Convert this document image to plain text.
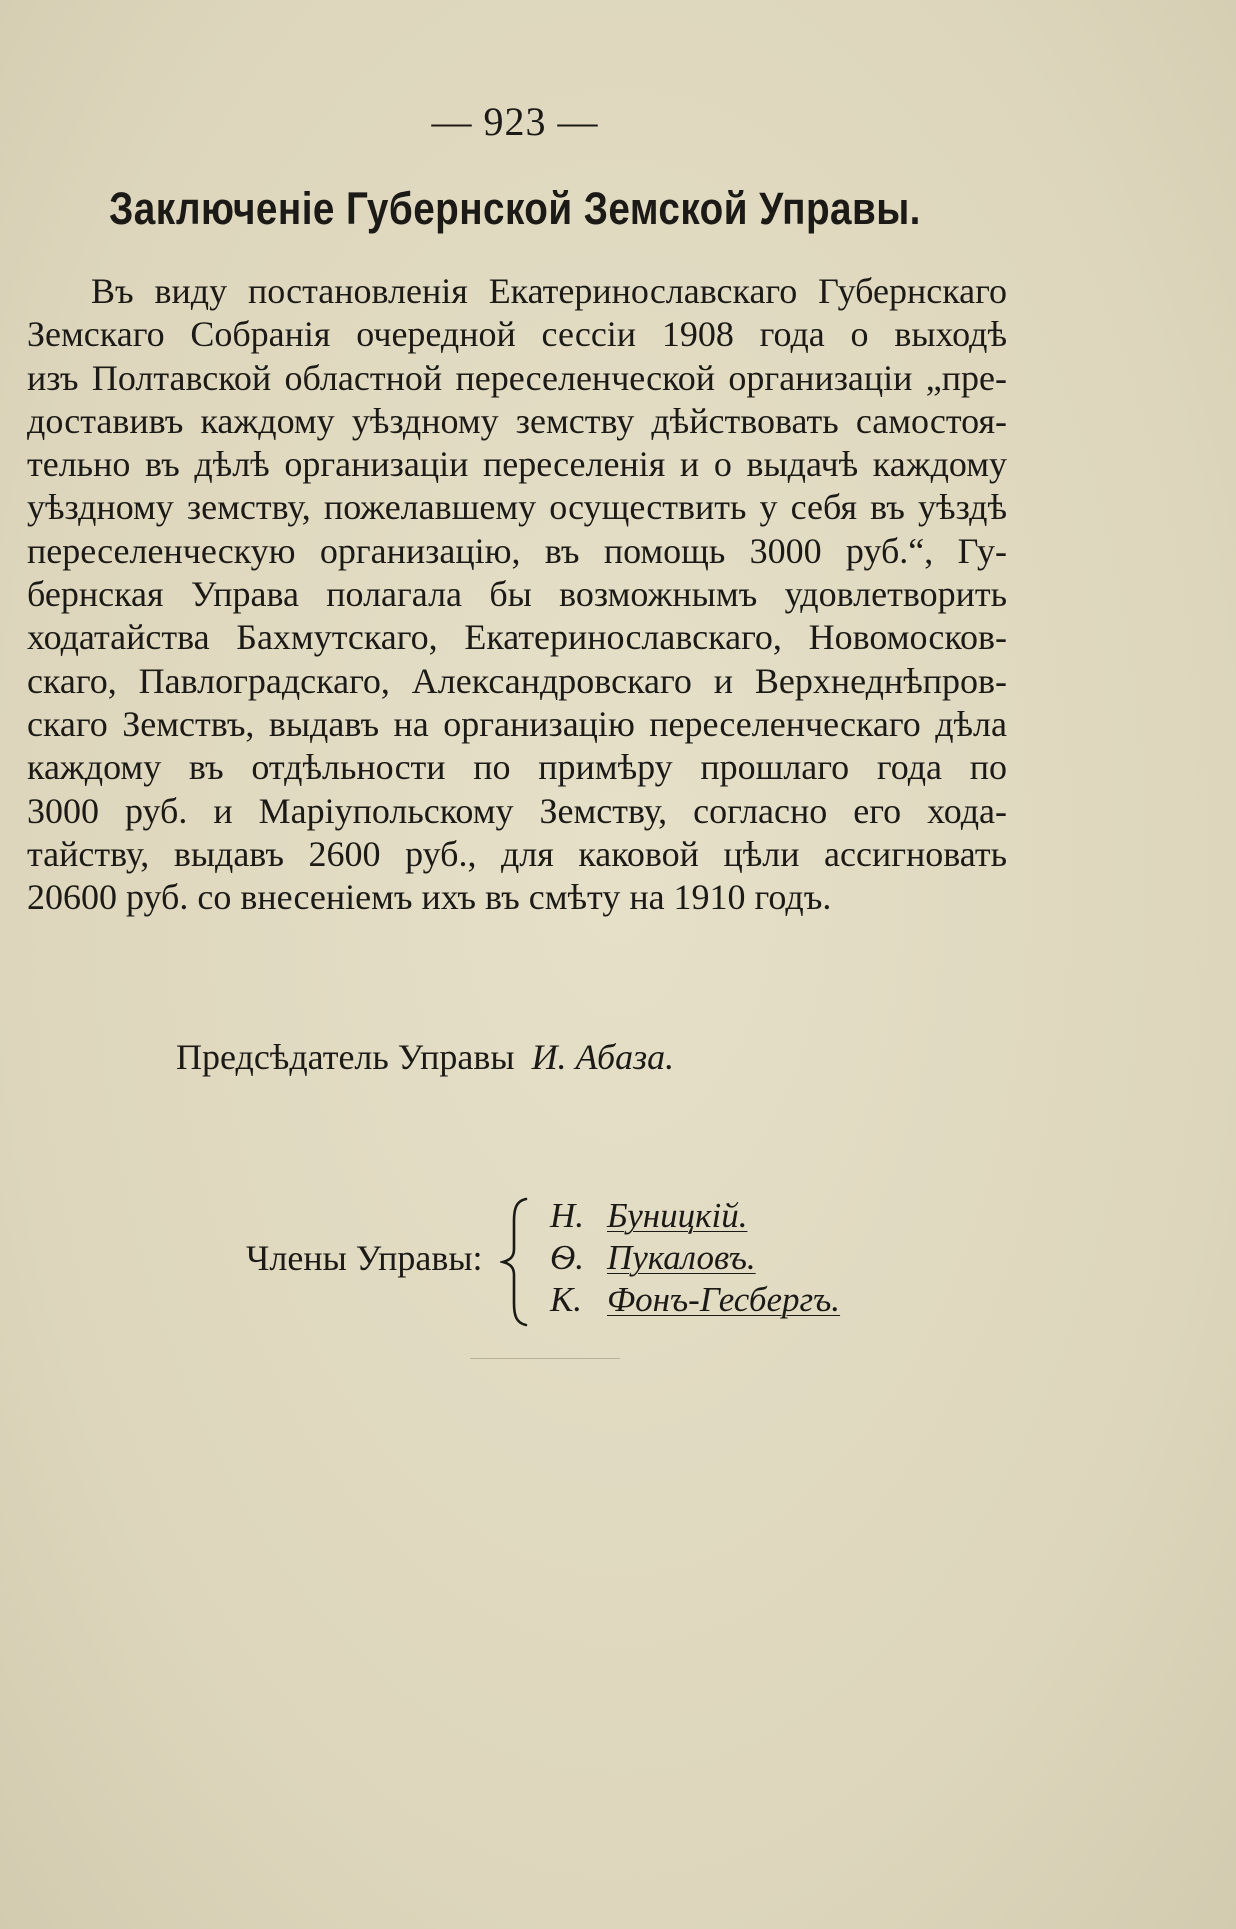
— 923 —
Заключеніе Губернской Земской Управы.
Въ виду постановленія Екатеринославскаго Губернскаго
Земскаго Собранія очередной сессіи 1908 года о выходѣ
изъ Полтавской областной переселенческой организаціи „пре-
доставивъ каждому уѣздному земству дѣйствовать самостоя-
тельно въ дѣлѣ организаціи переселенія и о выдачѣ каждому
уѣздному земству, пожелавшему осуществить у себя въ уѣздѣ
переселенческую организацію, въ помощь 3000 руб.“, Гу-
бернская Управа полагала бы возможнымъ удовлетворить
ходатайства Бахмутскаго, Екатеринославскаго, Новомосков-
скаго, Павлоградскаго, Александровскаго и Верхнеднѣпров-
скаго Земствъ, выдавъ на организацію переселенческаго дѣла
каждому въ отдѣльности по примѣру прошлаго года по
3000 руб. и Маріупольскому Земству, согласно его хода-
тайству, выдавъ 2600 руб., для каковой цѣли ассигновать
20600 руб. со внесеніемъ ихъ въ смѣту на 1910 годъ.
Предсѣдатель Управы И. Абаза.
Члены Управы:
Н. Буницкій.
Ѳ. Пукаловъ.
К. Фонъ-Гесбергъ.
